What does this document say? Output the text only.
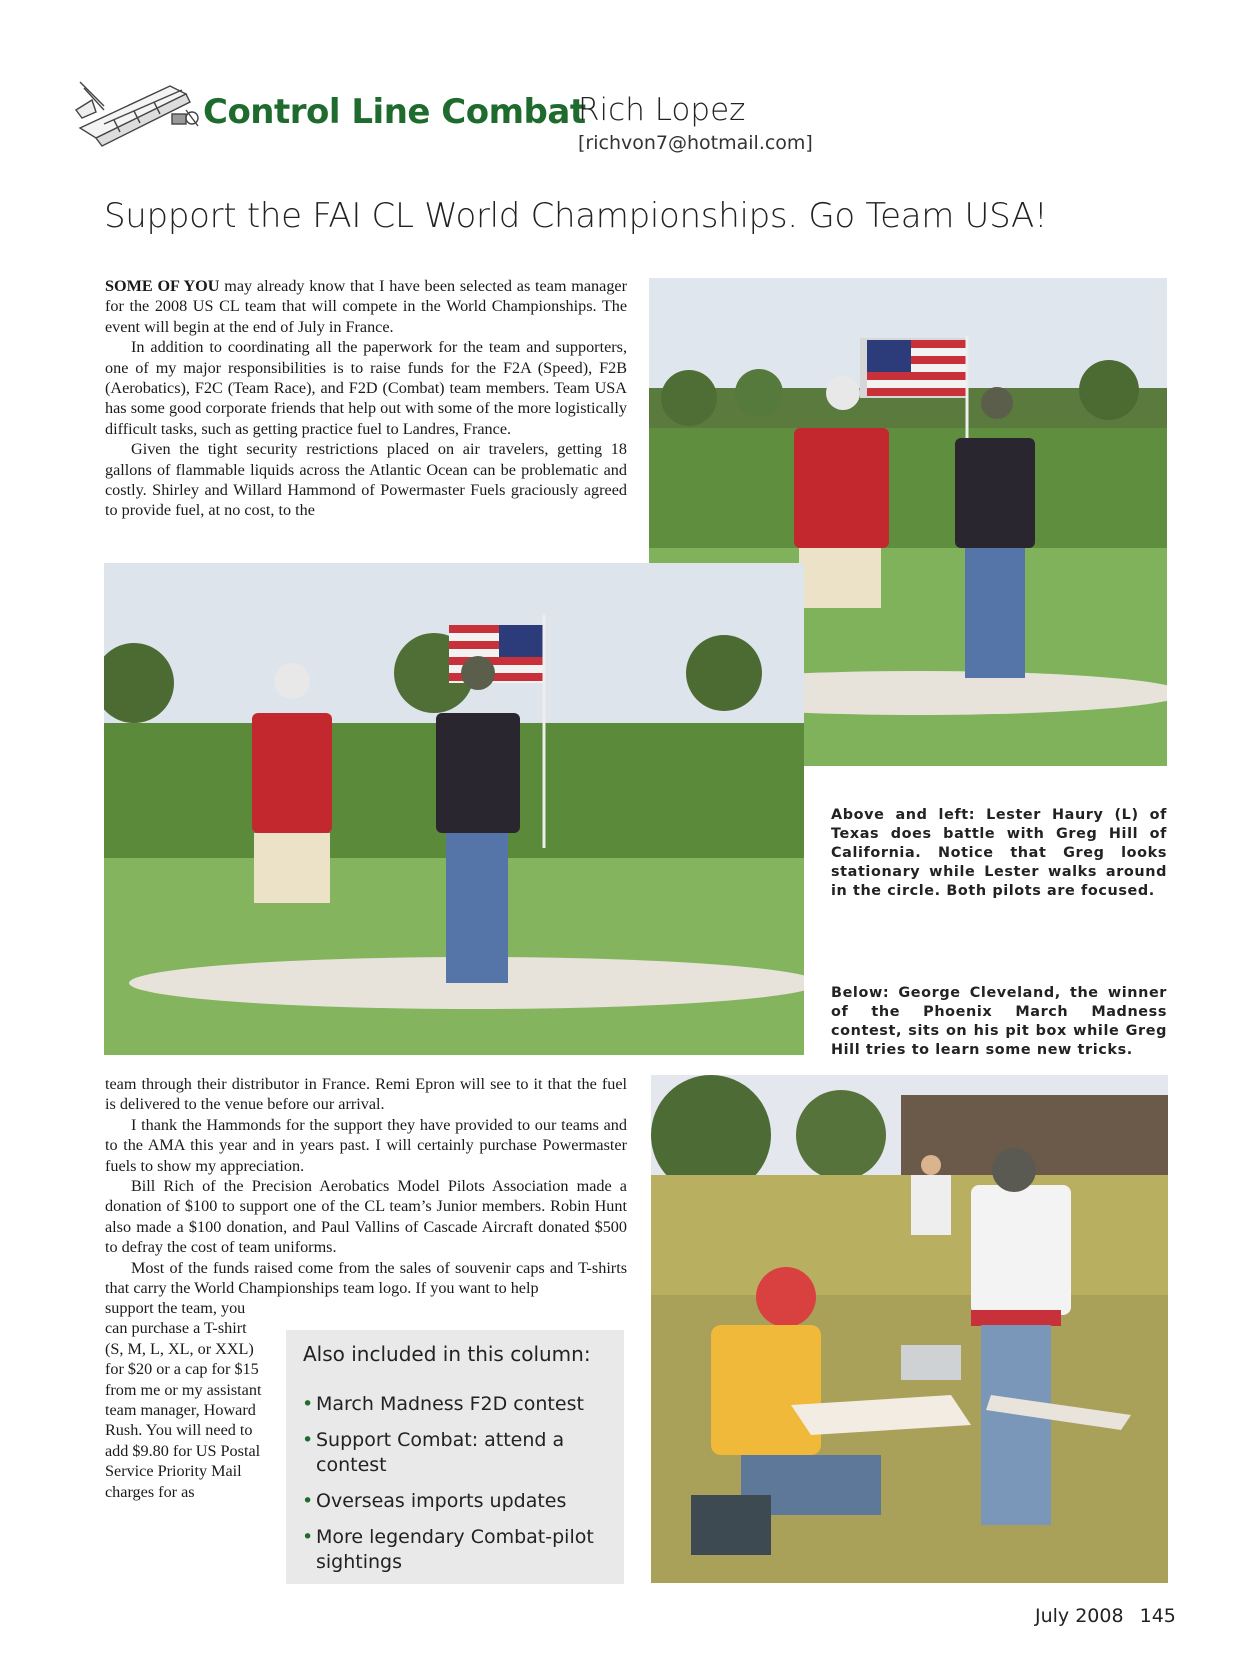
Control Line Combat
Rich Lopez
[richvon7@hotmail.com]
Support the FAI CL World Championships. Go Team USA!

SOME OF YOU may already know that I have been selected as team manager for the 2008 US CL team that will compete in the World Championships. The event will begin at the end of July in France.

In addition to coordinating all the paperwork for the team and supporters, one of my major responsibilities is to raise funds for the F2A (Speed), F2B (Aerobatics), F2C (Team Race), and F2D (Combat) team members. Team USA has some good corporate friends that help out with some of the more logistically difficult tasks, such as getting practice fuel to Landres, France.

Given the tight security restrictions placed on air travelers, getting 18 gallons of flammable liquids across the Atlantic Ocean can be problematic and costly. Shirley and Willard Hammond of Powermaster Fuels graciously agreed to provide fuel, at no cost, to the

Above and left: Lester Haury (L) of Texas does battle with Greg Hill of California. Notice that Greg looks stationary while Lester walks around in the circle. Both pilots are focused.
Below: George Cleveland, the winner of the Phoenix March Madness contest, sits on his pit box while Greg Hill tries to learn some new tricks.

team through their distributor in France. Remi Epron will see to it that the fuel is delivered to the venue before our arrival.

I thank the Hammonds for the support they have provided to our teams and to the AMA this year and in years past. I will certainly purchase Powermaster fuels to show my appreciation.

Bill Rich of the Precision Aerobatics Model Pilots Association made a donation of $100 to support one of the CL team’s Junior members. Robin Hunt also made a $100 donation, and Paul Vallins of Cascade Aircraft donated $500 to defray the cost of team uniforms.

Most of the funds raised come from the sales of souvenir caps and T-shirts that carry the World Championships team logo. If you want to help

support the team, you can purchase a T-shirt (S, M, L, XL, or XXL) for $20 or a cap for $15 from me or my assistant team manager, Howard Rush. You will need to add $9.80 for US Postal Service Priority Mail charges for as

Also included in this column:
• March Madness F2D contest
• Support Combat: attend a contest
• Overseas imports updates
• More legendary Combat-pilot sightings
July 2008 145
